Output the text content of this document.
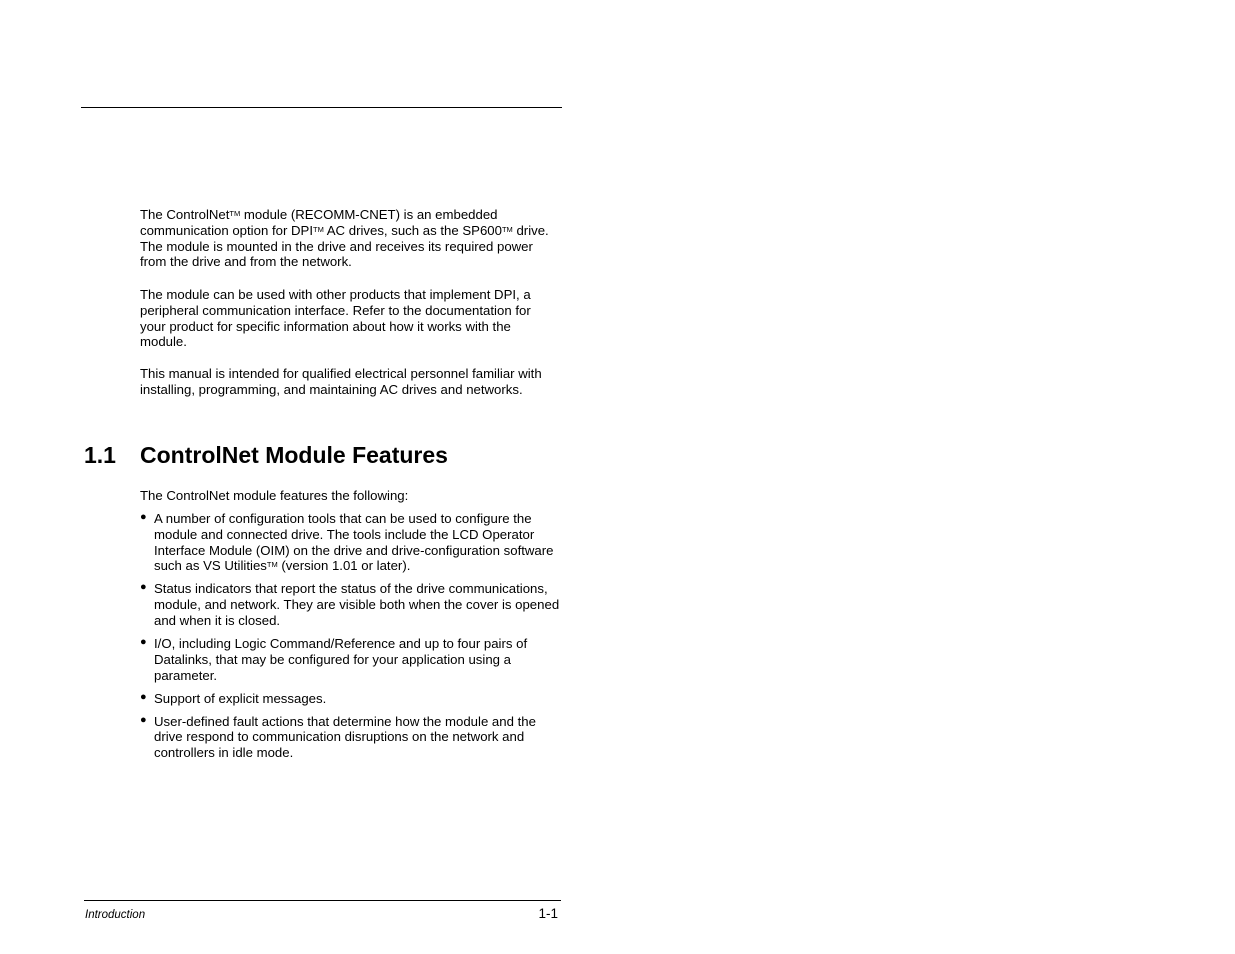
The ControlNet™ module (RECOMM-CNET) is an embedded communication option for DPI™ AC drives, such as the SP600™ drive. The module is mounted in the drive and receives its required power from the drive and from the network.

The module can be used with other products that implement DPI, a peripheral communication interface. Refer to the documentation for your product for specific information about how it works with the module.

This manual is intended for qualified electrical personnel familiar with installing, programming, and maintaining AC drives and networks.

1.1 ControlNet Module Features

The ControlNet module features the following:

● A number of configuration tools that can be used to configure the module and connected drive. The tools include the LCD Operator Interface Module (OIM) on the drive and drive-configuration software such as VS Utilities™ (version 1.01 or later).
● Status indicators that report the status of the drive communications, module, and network. They are visible both when the cover is opened and when it is closed.
● I/O, including Logic Command/Reference and up to four pairs of Datalinks, that may be configured for your application using a parameter.
● Support of explicit messages.
● User-defined fault actions that determine how the module and the drive respond to communication disruptions on the network and controllers in idle mode.
Introduction	1-1
